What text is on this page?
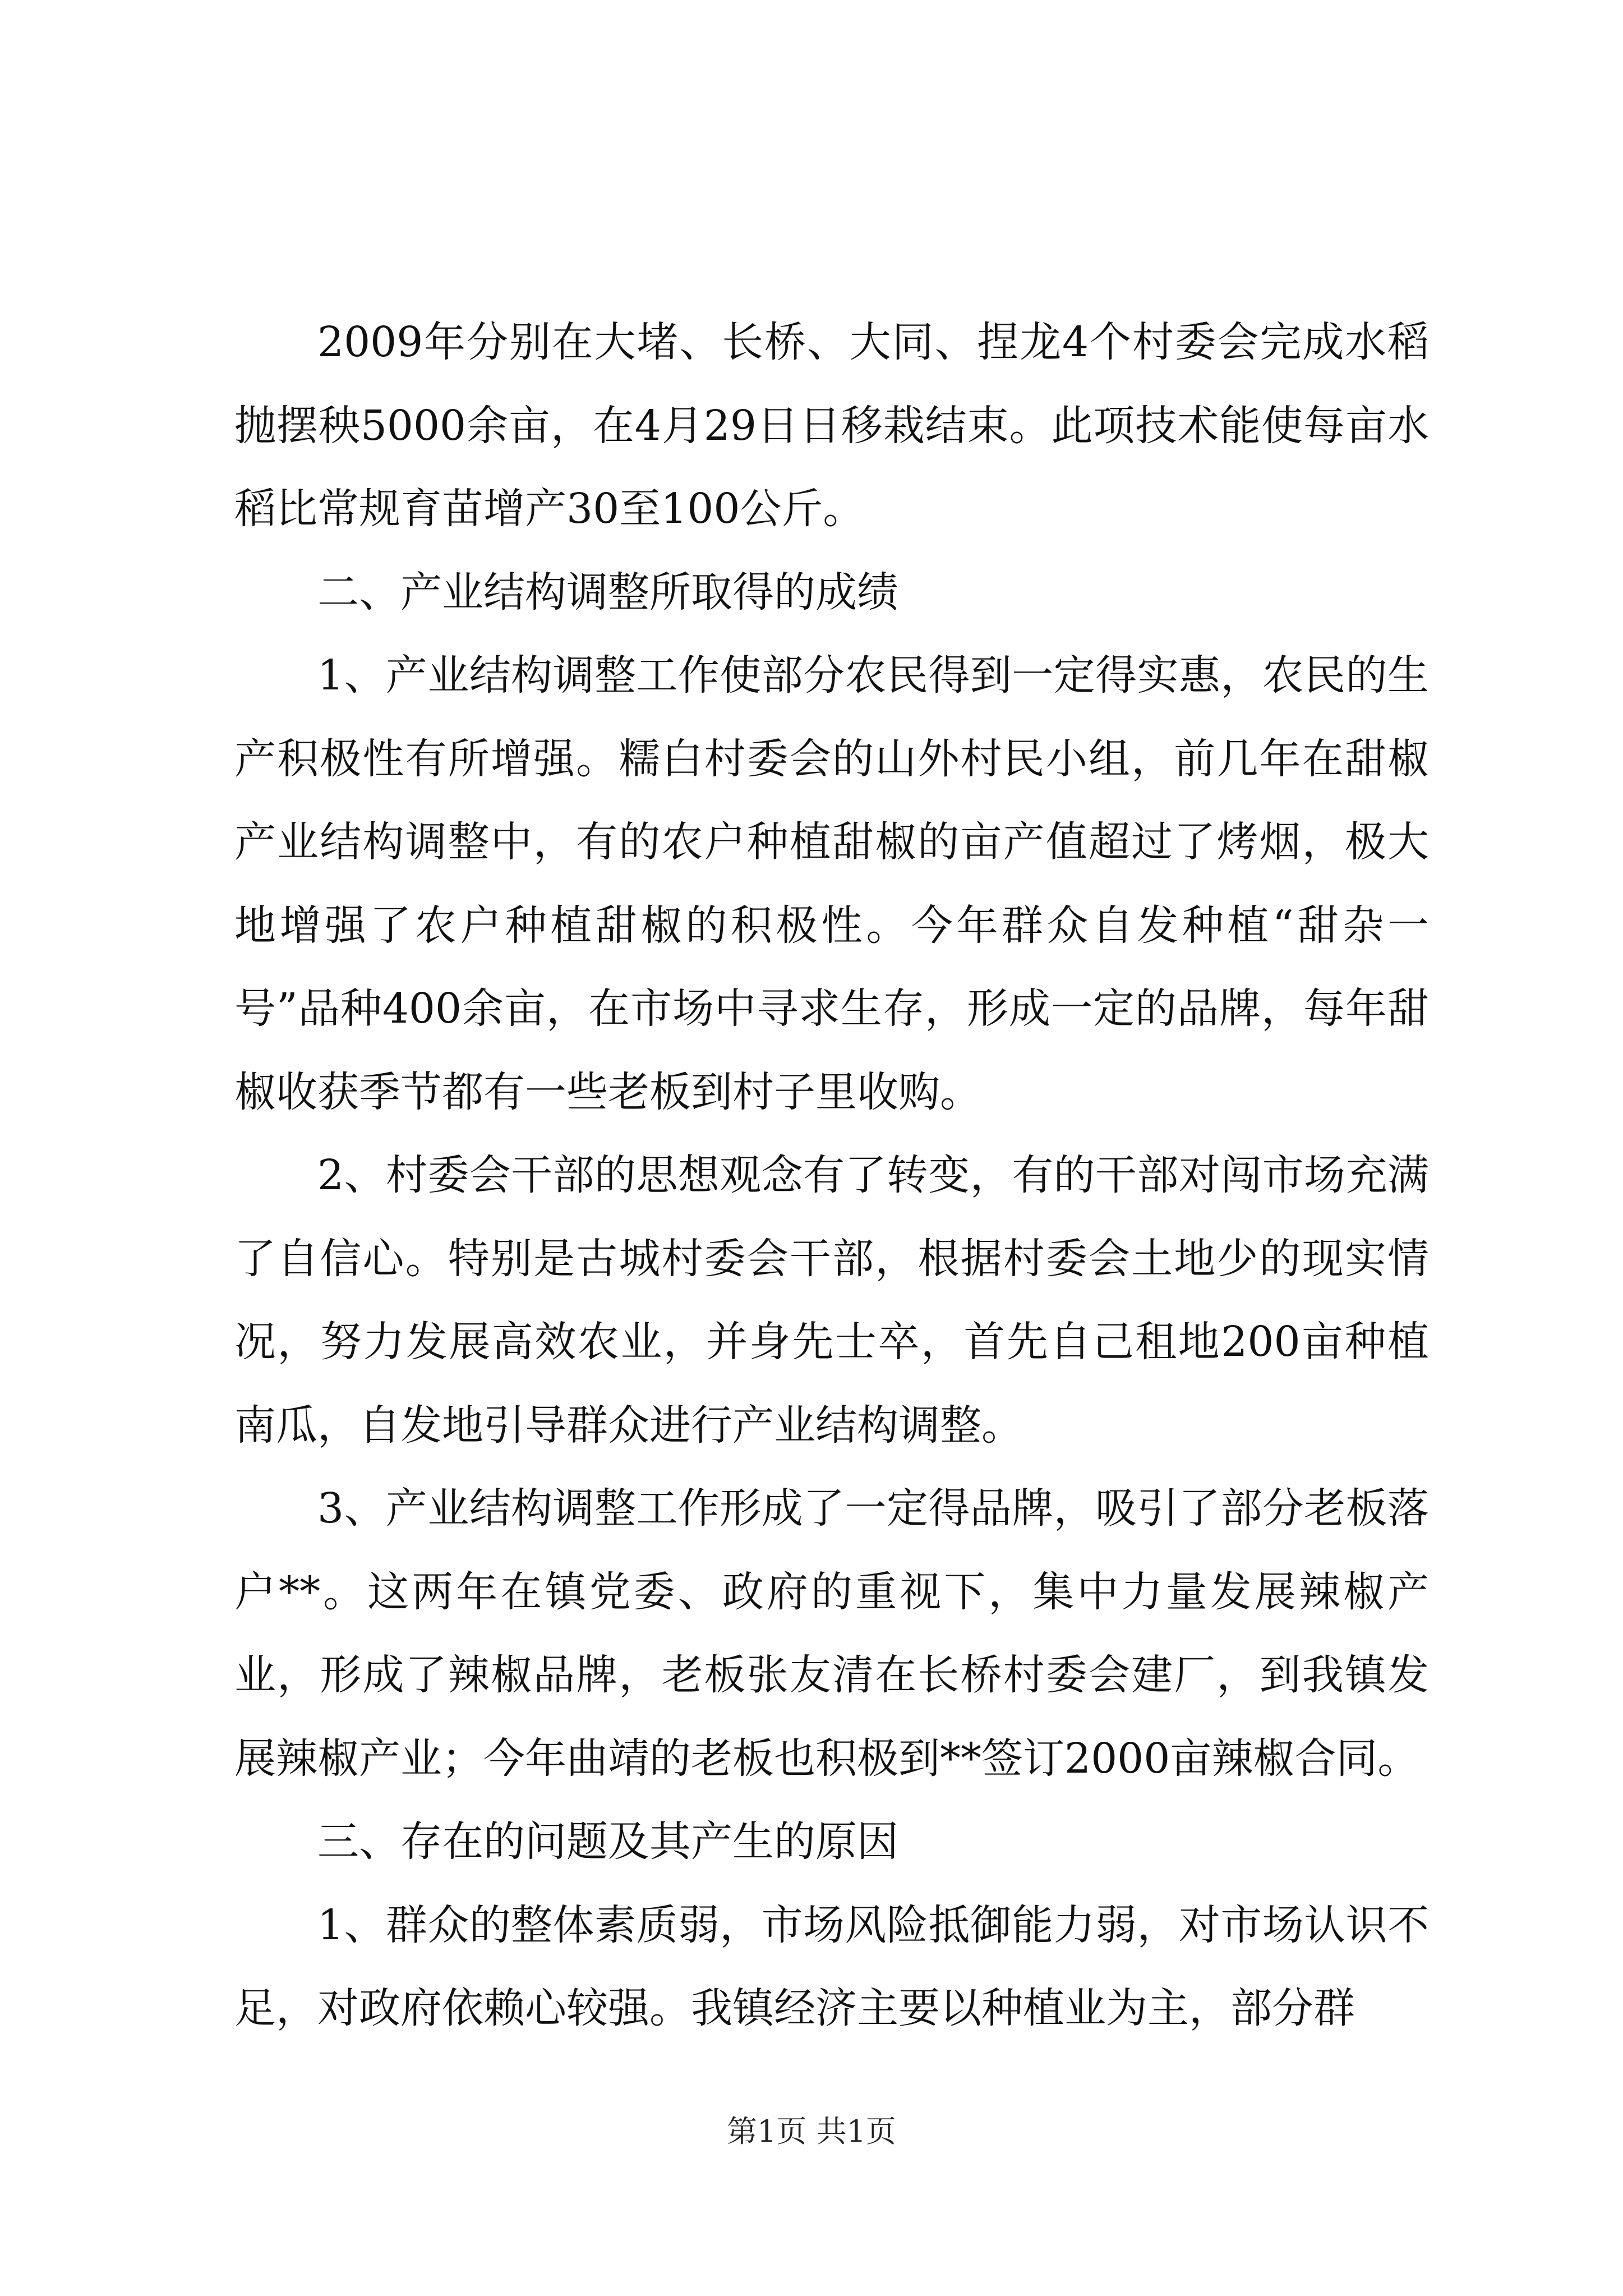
2009年分别在大堵、长桥、大同、捏龙4个村委会完成水稻抛摆秧5000余亩，在4月29日日移栽结束。此项技术能使每亩水稻比常规育苗增产30至100公斤。

二、产业结构调整所取得的成绩

1、产业结构调整工作使部分农民得到一定得实惠，农民的生产积极性有所增强。糯白村委会的山外村民小组，前几年在甜椒产业结构调整中，有的农户种植甜椒的亩产值超过了烤烟，极大地增强了农户种植甜椒的积极性。今年群众自发种植“甜杂一号”品种400余亩，在市场中寻求生存，形成一定的品牌，每年甜椒收获季节都有一些老板到村子里收购。

2、村委会干部的思想观念有了转变，有的干部对闯市场充满了自信心。特别是古城村委会干部，根据村委会土地少的现实情况，努力发展高效农业，并身先士卒，首先自己租地200亩种植南瓜，自发地引导群众进行产业结构调整。

3、产业结构调整工作形成了一定得品牌，吸引了部分老板落户**。这两年在镇党委、政府的重视下，集中力量发展辣椒产业，形成了辣椒品牌，老板张友清在长桥村委会建厂，到我镇发展辣椒产业；今年曲靖的老板也积极到**签订2000亩辣椒合同。

三、存在的问题及其产生的原因

1、群众的整体素质弱，市场风险抵御能力弱，对市场认识不足，对政府依赖心较强。我镇经济主要以种植业为主，部分群

第1页 共1页
